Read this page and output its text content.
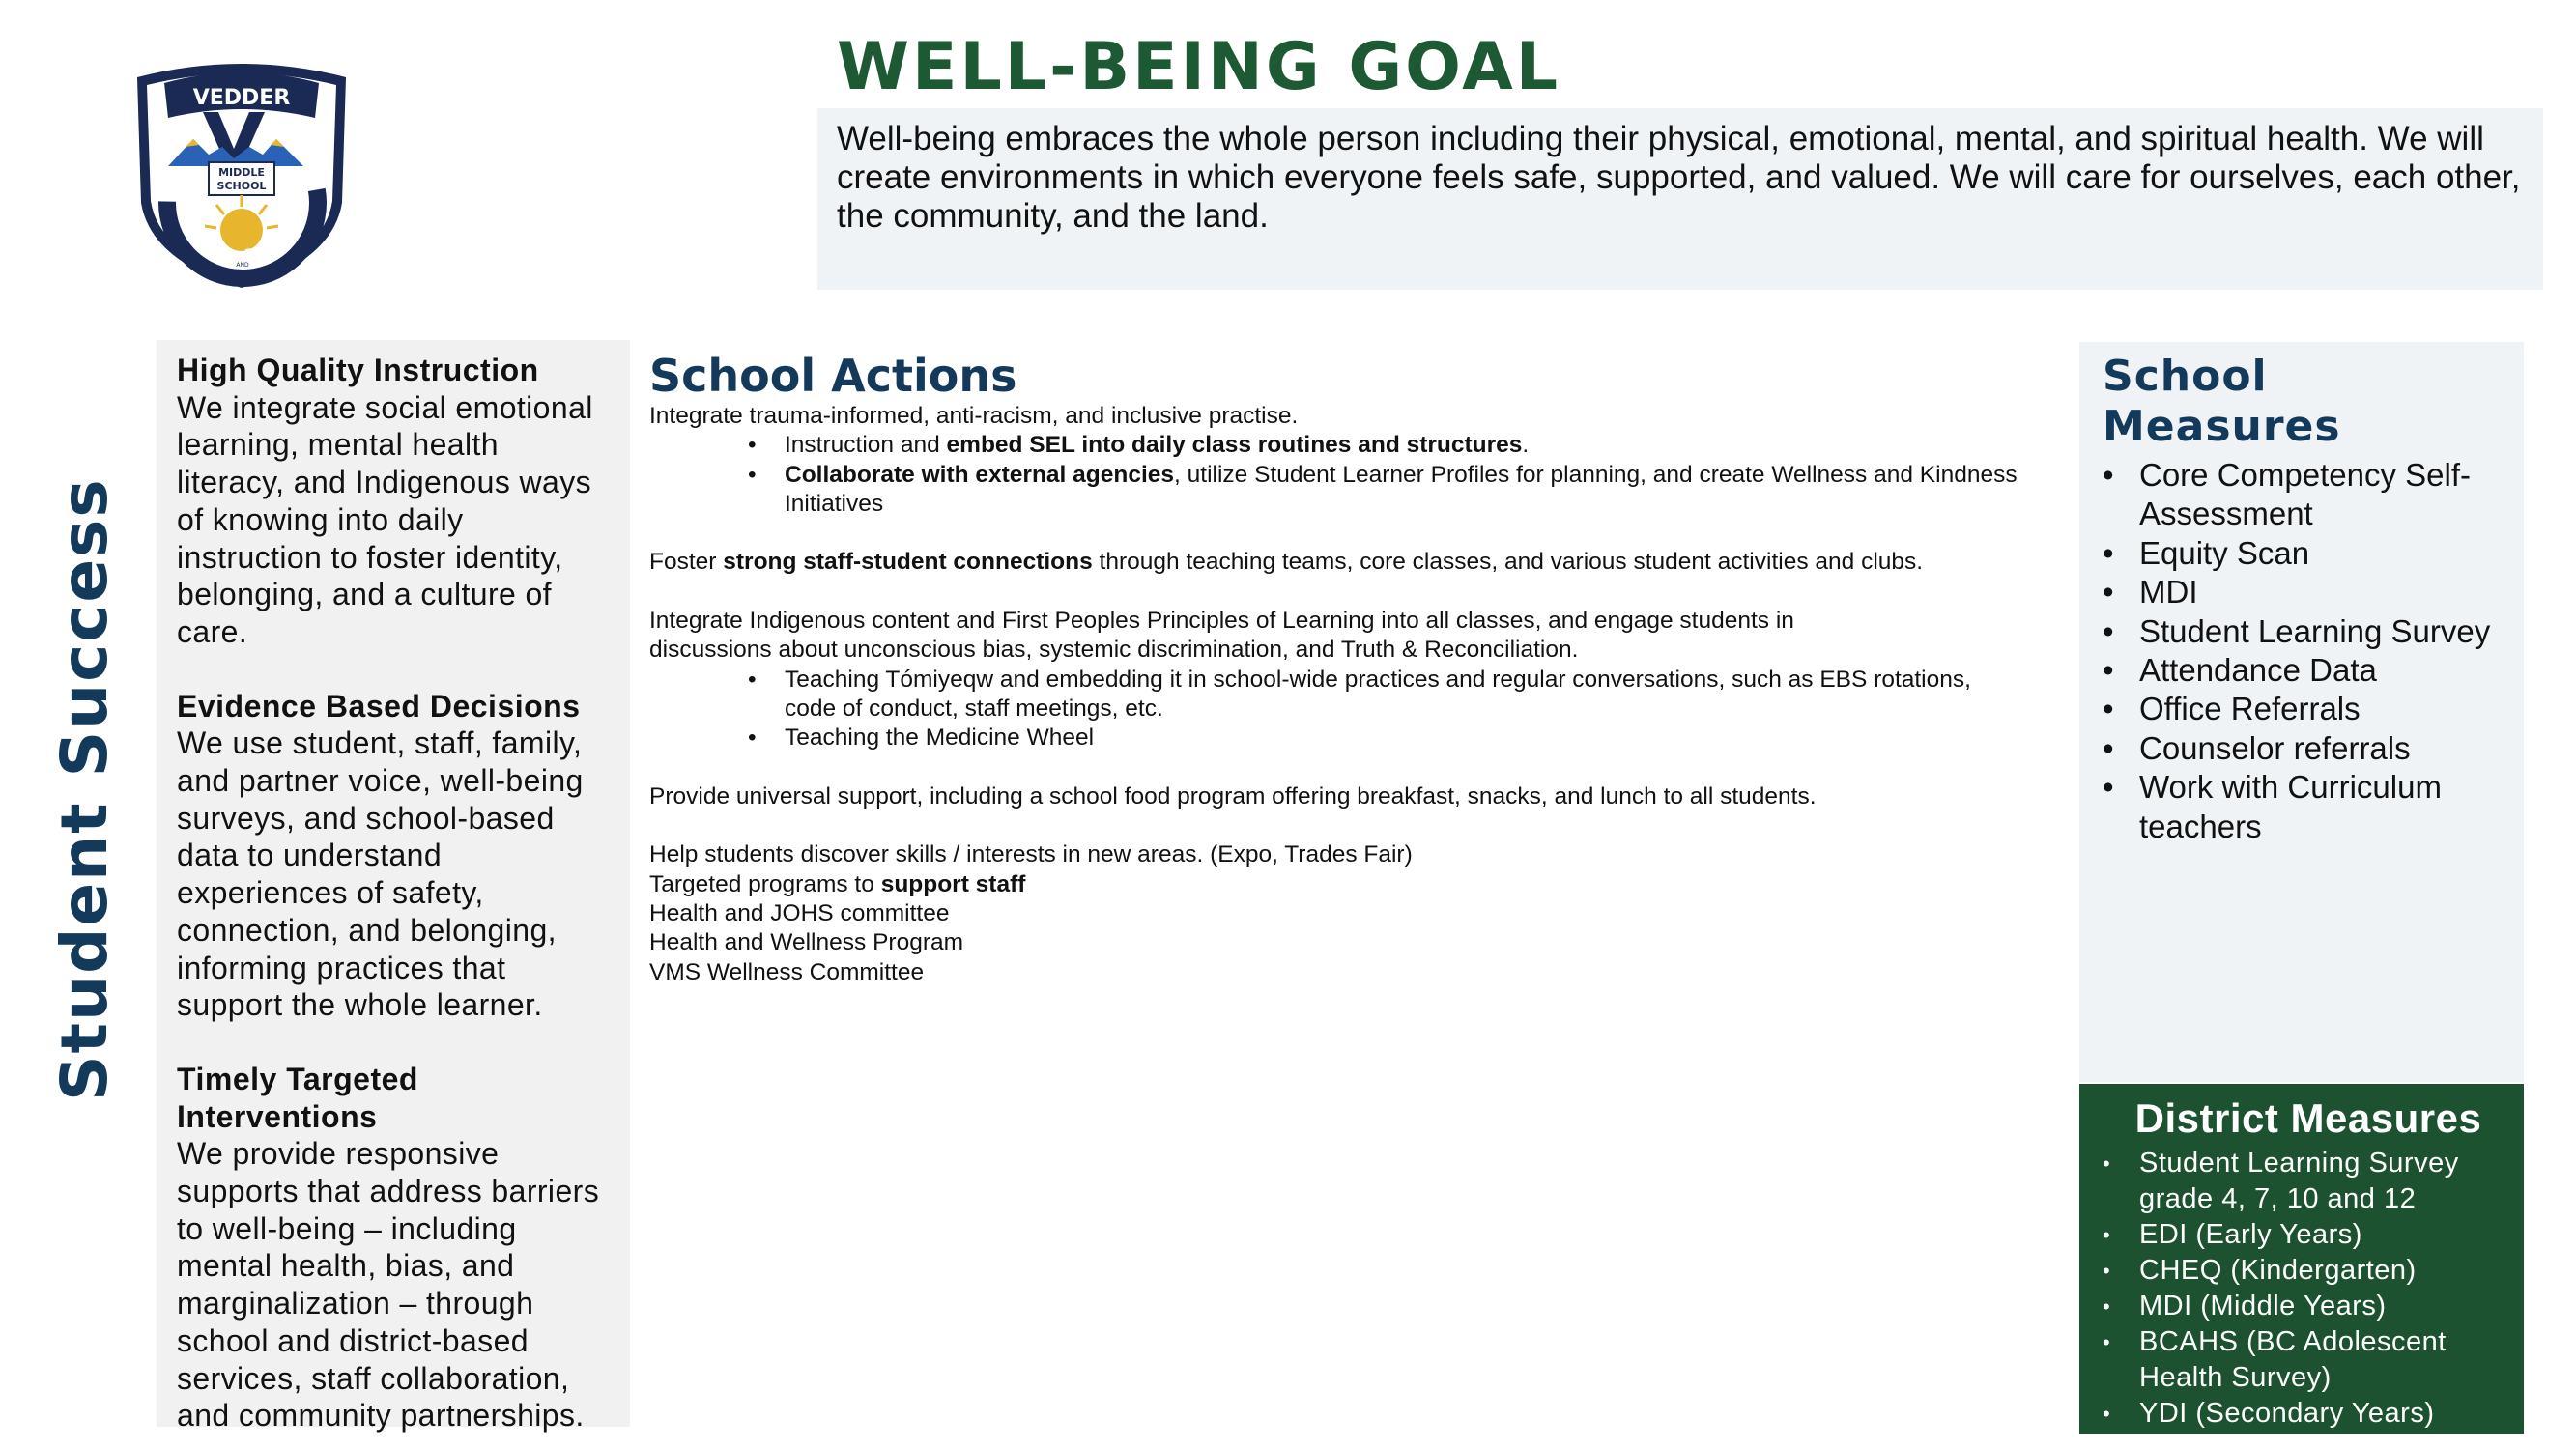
VEDDER
MIDDLE
SCHOOL
PARTICIPATION EXCELLENCE
AND
WELL-BEING GOAL
Well-being embraces the whole person including their physical, emotional, mental, and spiritual health. We will create environments in which everyone feels safe, supported, and valued. We will care for ourselves, each other, the community, and the land.
Student Success
High Quality Instruction
We integrate social emotional learning, mental health literacy, and Indigenous ways of knowing into daily instruction to foster identity, belonging, and a culture of care.
Evidence Based Decisions
We use student, staff, family, and partner voice, well-being surveys, and school-based data to understand experiences of safety, connection, and belonging, informing practices that support the whole learner.
Timely Targeted Interventions
We provide responsive supports that address barriers to well-being – including mental health, bias, and marginalization – through school and district-based services, staff collaboration, and community partnerships.
School Actions

Integrate trauma-informed, anti-racism, and inclusive practise.

• Instruction and embed SEL into daily class routines and structures.
• Collaborate with external agencies, utilize Student Learner Profiles for planning, and create Wellness and Kindness Initiatives

Foster strong staff-student connections through teaching teams, core classes, and various student activities and clubs.

Integrate Indigenous content and First Peoples Principles of Learning into all classes, and engage students in

discussions about unconscious bias, systemic discrimination, and Truth & Reconciliation.

• Teaching Tómiyeqw and embedding it in school-wide practices and regular conversations, such as EBS rotations, code of conduct, staff meetings, etc.
• Teaching the Medicine Wheel

Provide universal support, including a school food program offering breakfast, snacks, and lunch to all students.

Help students discover skills / interests in new areas. (Expo, Trades Fair)

Targeted programs to support staff

Health and JOHS committee

Health and Wellness Program

VMS Wellness Committee

School
Measures
• Core Competency Self-Assessment
• Equity Scan
• MDI
• Student Learning Survey
• Attendance Data
• Office Referrals
• Counselor referrals
• Work with Curriculum teachers
District Measures
• Student Learning Survey grade 4, 7, 10 and 12
• EDI (Early Years)
• CHEQ (Kindergarten)
• MDI (Middle Years)
• BCAHS (BC Adolescent Health Survey)
• YDI (Secondary Years)
